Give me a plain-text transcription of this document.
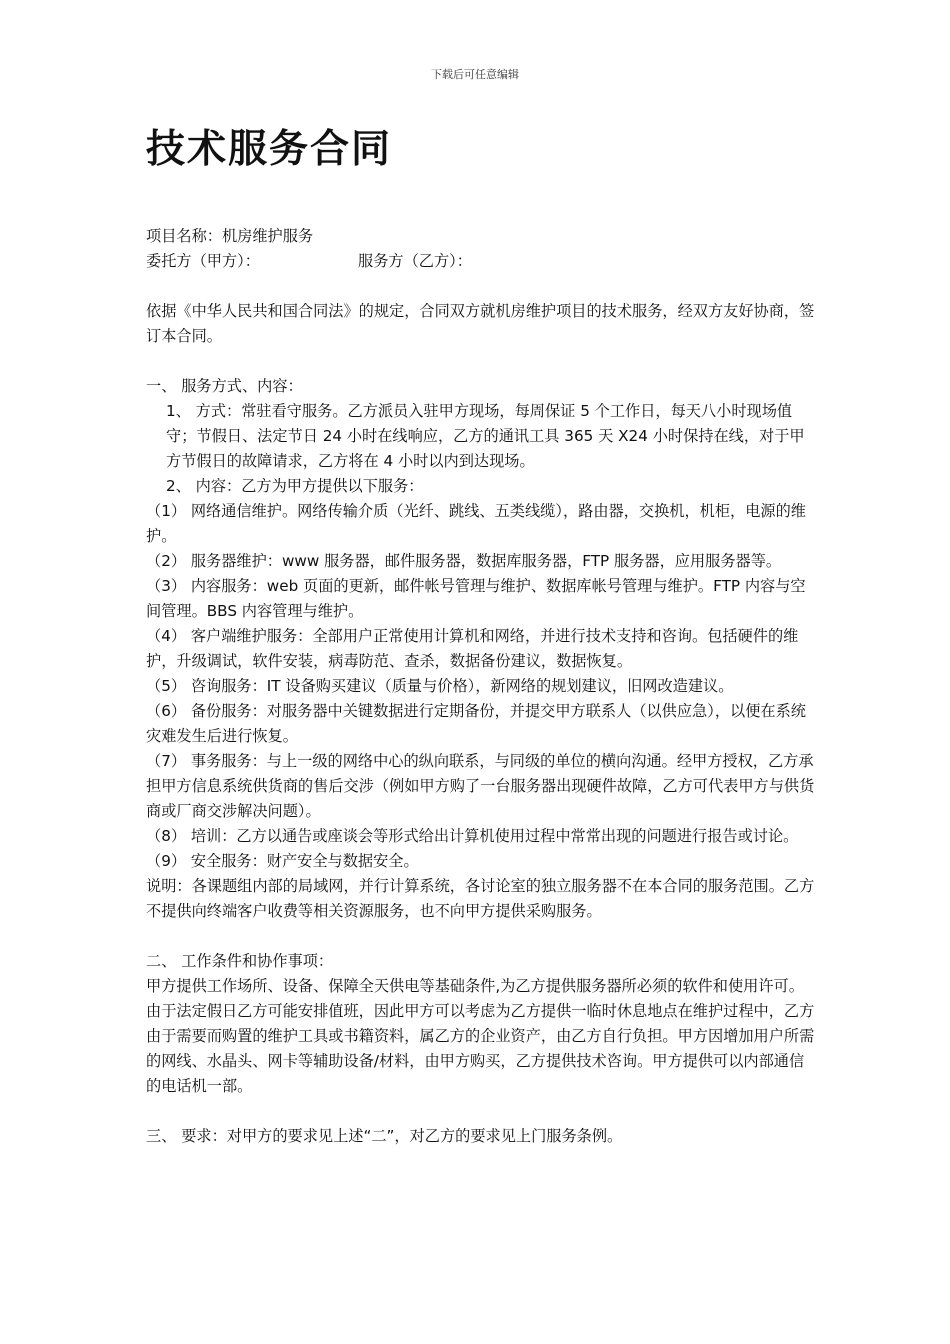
下载后可任意编辑
技术服务合同

项目名称：机房维护服务

委托方（甲方）：	服务方（乙方）：

依据《中华人民共和国合同法》的规定，合同双方就机房维护项目的技术服务，经双方友好协商，签订本合同。

一、 服务方式、内容：

1、 方式：常驻看守服务。乙方派员入驻甲方现场，每周保证 5 个工作日，每天八小时现场值守；节假日、法定节日 24 小时在线响应，乙方的通讯工具 365 天 X24 小时保持在线，对于甲方节假日的故障请求，乙方将在 4 小时以内到达现场。

2、 内容：乙方为甲方提供以下服务：

（1） 网络通信维护。网络传输介质（光纤、跳线、五类线缆），路由器，交换机，机柜，电源的维护。

（2） 服务器维护：www 服务器，邮件服务器，数据库服务器，FTP 服务器，应用服务器等。

（3） 内容服务：web 页面的更新，邮件帐号管理与维护、数据库帐号管理与维护。FTP 内容与空间管理。BBS 内容管理与维护。

（4） 客户端维护服务：全部用户正常使用计算机和网络，并进行技术支持和咨询。包括硬件的维护，升级调试，软件安装，病毒防范、查杀，数据备份建议，数据恢复。

（5） 咨询服务：IT 设备购买建议（质量与价格），新网络的规划建议，旧网改造建议。

（6） 备份服务：对服务器中关键数据进行定期备份，并提交甲方联系人（以供应急），以便在系统灾难发生后进行恢复。

（7） 事务服务：与上一级的网络中心的纵向联系，与同级的单位的横向沟通。经甲方授权，乙方承担甲方信息系统供货商的售后交涉（例如甲方购了一台服务器出现硬件故障，乙方可代表甲方与供货商或厂商交涉解决问题）。

（8） 培训：乙方以通告或座谈会等形式给出计算机使用过程中常常出现的问题进行报告或讨论。

（9） 安全服务：财产安全与数据安全。

说明：各课题组内部的局域网，并行计算系统，各讨论室的独立服务器不在本合同的服务范围。乙方不提供向终端客户收费等相关资源服务，也不向甲方提供采购服务。

二、 工作条件和协作事项：

甲方提供工作场所、设备、保障全天供电等基础条件,为乙方提供服务器所必须的软件和使用许可。由于法定假日乙方可能安排值班，因此甲方可以考虑为乙方提供一临时休息地点在维护过程中，乙方由于需要而购置的维护工具或书籍资料，属乙方的企业资产，由乙方自行负担。甲方因增加用户所需的网线、水晶头、网卡等辅助设备/材料，由甲方购买，乙方提供技术咨询。甲方提供可以内部通信的电话机一部。

三、 要求：对甲方的要求见上述“二”，对乙方的要求见上门服务条例。
